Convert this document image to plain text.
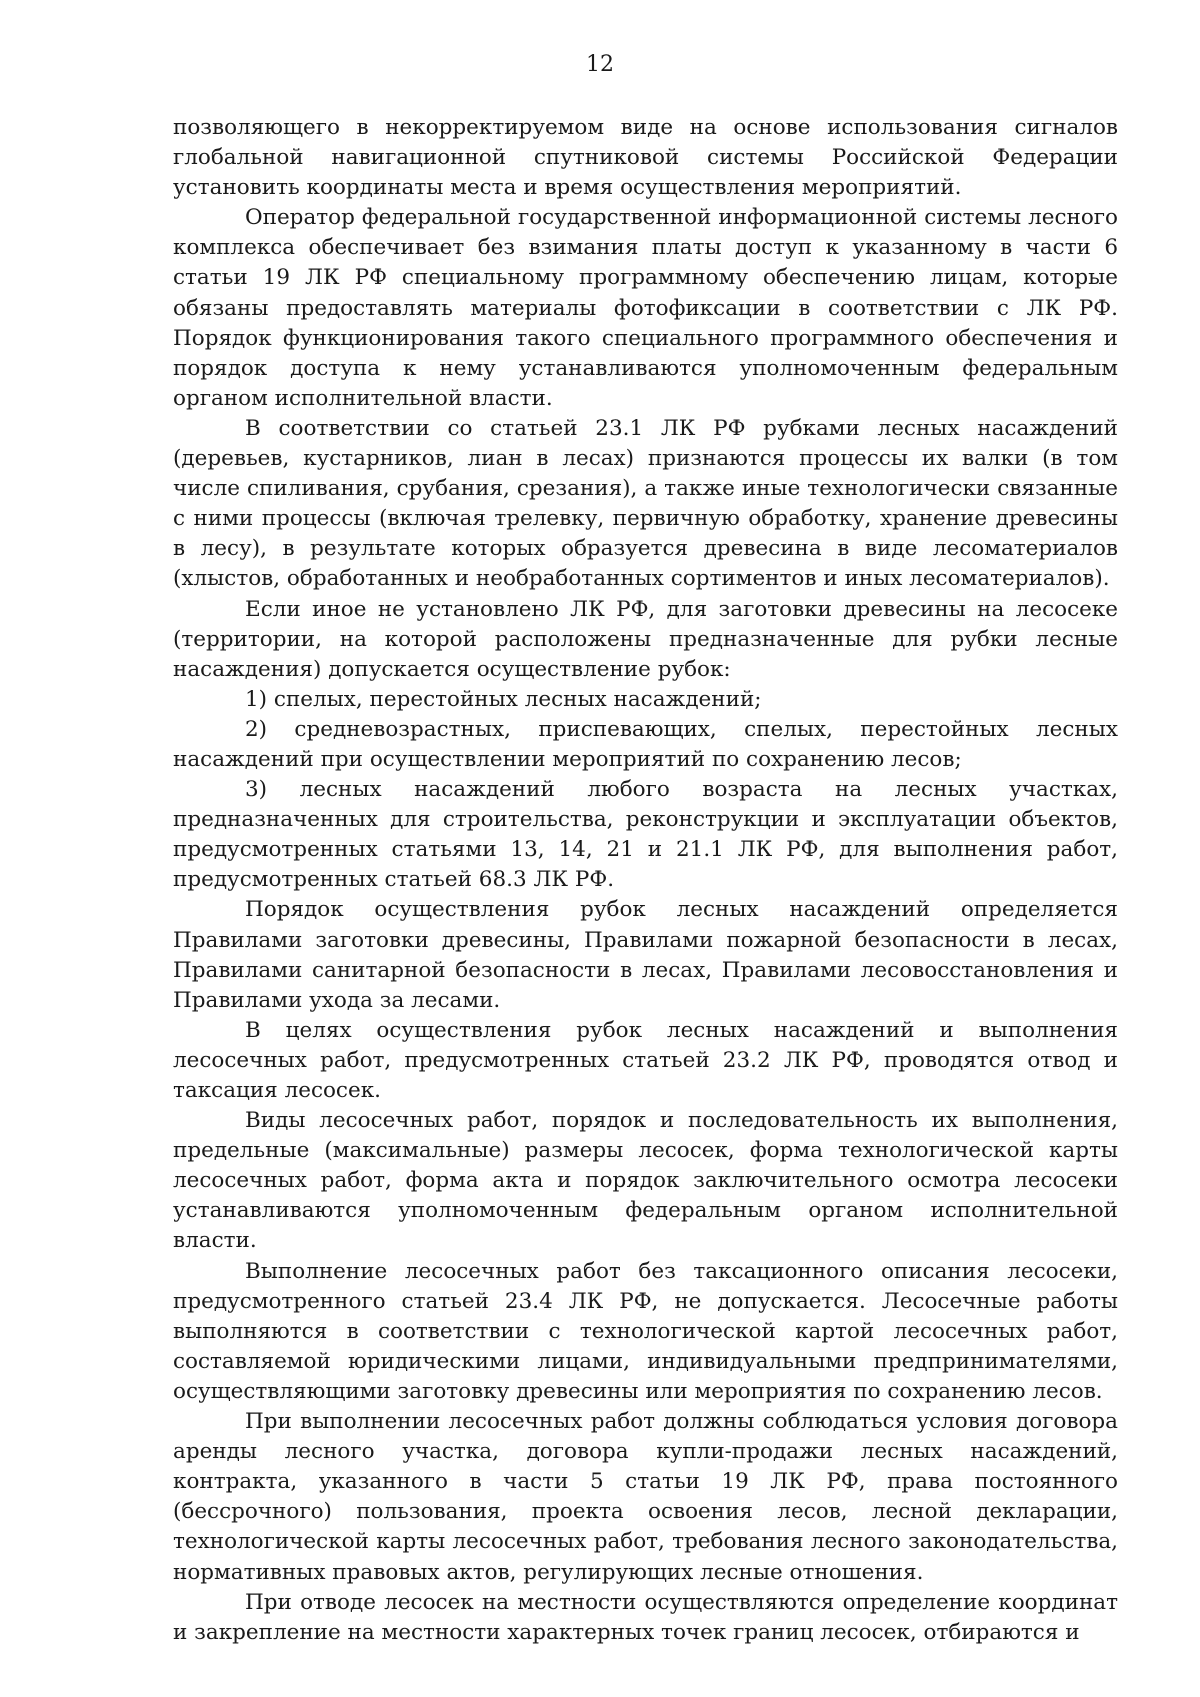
12

позволяющего в некорректируемом виде на основе использования сигналов глобальной навигационной спутниковой системы Российской Федерации установить координаты места и время осуществления мероприятий.

Оператор федеральной государственной информационной системы лесного комплекса обеспечивает без взимания платы доступ к указанному в части 6 статьи 19 ЛК РФ специальному программному обеспечению лицам, которые обязаны предоставлять материалы фотофиксации в соответствии с ЛК РФ. Порядок функционирования такого специального программного обеспечения и порядок доступа к нему устанавливаются уполномоченным федеральным органом исполнительной власти.

В соответствии со статьей 23.1 ЛК РФ рубками лесных насаждений (деревьев, кустарников, лиан в лесах) признаются процессы их валки (в том числе спиливания, срубания, срезания), а также иные технологически связанные с ними процессы (включая трелевку, первичную обработку, хранение древесины в лесу), в результате которых образуется древесина в виде лесоматериалов (хлыстов, обработанных и необработанных сортиментов и иных лесоматериалов).

Если иное не установлено ЛК РФ, для заготовки древесины на лесосеке (территории, на которой расположены предназначенные для рубки лесные насаждения) допускается осуществление рубок:

1) спелых, перестойных лесных насаждений;

2) средневозрастных, приспевающих, спелых, перестойных лесных насаждений при осуществлении мероприятий по сохранению лесов;

3) лесных насаждений любого возраста на лесных участках, предназначенных для строительства, реконструкции и эксплуатации объектов, предусмотренных статьями 13, 14, 21 и 21.1 ЛК РФ, для выполнения работ, предусмотренных статьей 68.3 ЛК РФ.

Порядок осуществления рубок лесных насаждений определяется Правилами заготовки древесины, Правилами пожарной безопасности в лесах, Правилами санитарной безопасности в лесах, Правилами лесовосстановления и Правилами ухода за лесами.

В целях осуществления рубок лесных насаждений и выполнения лесосечных работ, предусмотренных статьей 23.2 ЛК РФ, проводятся отвод и таксация лесосек.

Виды лесосечных работ, порядок и последовательность их выполнения, предельные (максимальные) размеры лесосек, форма технологической карты лесосечных работ, форма акта и порядок заключительного осмотра лесосеки устанавливаются уполномоченным федеральным органом исполнительной власти.

Выполнение лесосечных работ без таксационного описания лесосеки, предусмотренного статьей 23.4 ЛК РФ, не допускается. Лесосечные работы выполняются в соответствии с технологической картой лесосечных работ, составляемой юридическими лицами, индивидуальными предпринимателями, осуществляющими заготовку древесины или мероприятия по сохранению лесов.

При выполнении лесосечных работ должны соблюдаться условия договора аренды лесного участка, договора купли-продажи лесных насаждений, контракта, указанного в части 5 статьи 19 ЛК РФ, права постоянного (бессрочного) пользования, проекта освоения лесов, лесной декларации, технологической карты лесосечных работ, требования лесного законодательства, нормативных правовых актов, регулирующих лесные отношения.

При отводе лесосек на местности осуществляются определение координат и закрепление на местности характерных точек границ лесосек, отбираются и
